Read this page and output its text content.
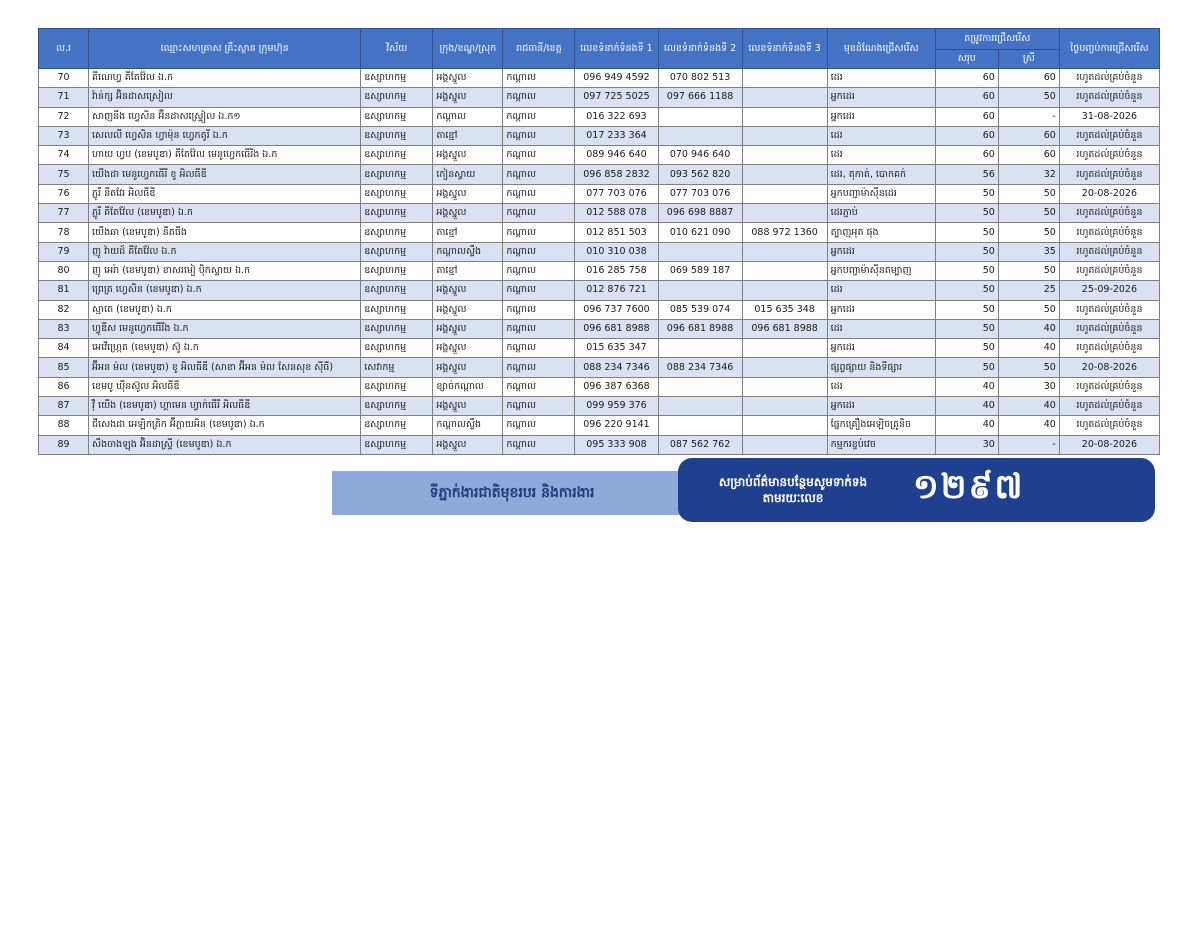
ល.រ	ឈ្មោះសហគ្រាស គ្រឹះស្ថាន ក្រុមហ៊ុន	វិស័យ	ក្រុង/ខណ្ឌ/ស្រុក	រាជធានី/ខេត្ត	លេខទំនាក់ទំនងទី 1	លេខទំនាក់ទំនងទី 2	លេខទំនាក់ទំនងទី 3	មុខដំណែងជ្រើសរើស	តម្រូវការជ្រើសរើស		ថ្ងៃបញ្ចប់ការជ្រើសរើស
									សរុប	ស្រី	
70	គីណេហ្វ គីតែវ៉ែល ឯ.ក	ឧស្សាហកម្ម	អង្គស្នួល	កណ្តាល	096 949 4592	070 802 513		ដេរ	60	60	រហូតដល់គ្រប់ចំនួន
71	វ៉ាន់ក្ស អ៊ិនដាសស្រៀល	ឧស្សាហកម្ម	អង្គស្នួល	កណ្តាល	097 725 5025	097 666 1188		អ្នកដេរ	60	50	រហូតដល់គ្រប់ចំនួន
72	សាញនីង ហ្វេសិន អ៊ីនដាសស្រ្ទៀល ឯ.ក១	ឧស្សាហកម្ម	កណ្តាល	កណ្តាល	016 322 693			អ្នកដេរ	60	-	31-08-2026
73	សេលលី ហ្វេសិន ហ្វាម៉ុន ហ្វេកតូរី ឯ.ក	ឧស្សាហកម្ម	តាខ្មៅ	កណ្តាល	017 233 364			ដេរ	60	60	រហូតដល់គ្រប់ចំនួន
74	ហាយ ហ្វប (ខេមបូឌា) គីតែវ៉ែល មេនូហ្វេកធើរីង ឯ.ក	ឧស្សាហកម្ម	អង្គស្នួល	កណ្តាល	089 946 640	070 946 640		ដេរ	60	60	រហូតដល់គ្រប់ចំនួន
75	យើងដា មេនូហ្វេកធើរី ខូ អិលធីឌី	ឧស្សាហកម្ម	កៀនស្វាយ	កណ្តាល	096 858 2832	093 562 820		ដេរ, តុកាត់, បោកគក់	56	32	រហូតដល់គ្រប់ចំនួន
76	ភ្លូរី នីតវែរ អិលធីឌី	ឧស្សាហកម្ម	អង្គស្នួល	កណ្តាល	077 703 076	077 703 076		អ្នកបញ្ជាម៉ាស៊ីនដេរ	50	50	20-08-2026
77	ភ្លូរី គីតែវ៉ែល (ខេមបូឌា) ឯ.ក	ឧស្សាហកម្ម	អង្គស្នួល	កណ្តាល	012 588 078	096 698 8887		ដេរភ្ជាប់	50	50	រហូតដល់គ្រប់ចំនួន
78	យើងឆា (ខេមបូឌា) នីតធីង	ឧស្សាហកម្ម	តាខ្មៅ	កណ្តាល	012 851 503	010 621 090	088 972 1360	ត្បាញអុត ផុង	50	50	រហូតដល់គ្រប់ចំនួន
79	ញូ វ៉ាយដ៍ គីតែវ៉ែល ឯ.ក	ឧស្សាហកម្ម	កណ្តាលស្ទឹង	កណ្តាល	010 310 038			អ្នកដេរ	50	35	រហូតដល់គ្រប់ចំនួន
80	ញូ អេរ៉ា (ខេមបូឌា) ខាសរមៀ ប៉ិកស្ទាយ ឯ.ក	ឧស្សាហកម្ម	តាខ្មៅ	កណ្តាល	016 285 758	069 589 187		អ្នកបញ្ជាម៉ាស៊ីនតម្បាញ	50	50	រហូតដល់គ្រប់ចំនួន
81	ព្រេត្រ ហ្វេសិន (ខេមបូឌា) ឯ.ក	ឧស្សាហកម្ម	អង្គស្នួល	កណ្តាល	012 876 721			ដេរ	50	25	25-09-2026
82	ស្មាតេ (ខេមបូឌា) ឯ.ក	ឧស្សាហកម្ម	អង្គស្នួល	កណ្តាល	096 737 7600	085 539 074	015 635 348	អ្នកដេរ	50	50	រហូតដល់គ្រប់ចំនួន
83	ហ្វូឌីស មេនូហ្វេកធើរីង ឯ.ក	ឧស្សាហកម្ម	អង្គស្នួល	កណ្តាល	096 681 8988	096 681 8988	096 681 8988	ដេរ	50	40	រហូតដល់គ្រប់ចំនួន
84	អេវើហ្ក្រេត (ខេមបូឌា) ស៊ូ ឯ.ក	ឧស្សាហកម្ម	អង្គស្នួល	កណ្តាល	015 635 347			អ្នកដេរ	50	40	រហូតដល់គ្រប់ចំនួន
85	អ៊ីអន ម៉ល (ខេមបូឌា) ខូ អិលធីឌី (សាខា អ៊ីអន ម៉ល សែនសុខ ស៊ីធី)	សេវាកម្ម	អង្គស្នួល	កណ្តាល	088 234 7346	088 234 7346		ផ្សព្វផ្សាយ និងទីផ្សារ	50	50	20-08-2026
86	ខេមបូ ឃុីនស៊ូល អិលធីឌី	ឧស្សាហកម្ម	ខ្សាច់កណ្តាល	កណ្តាល	096 387 6368			ដេរ	40	30	រហូតដល់គ្រប់ចំនួន
87	វ៉ឺ យើង (ខេមបូឌា) ហ្គាមេន ហ្វាក់ធើរី អិលធីឌី	ឧស្សាហកម្ម	អង្គស្នួល	កណ្តាល	099 959 376			អ្នកដេរ	40	40	រហូតដល់គ្រប់ចំនួន
88	ជីសេងដា អេឡិកត្រិក អ៊ីភ្លាយអិន (ខេមបូឌា) ឯ.ក	ឧស្សាហកម្ម	កណ្តាលស្ទឹង	កណ្តាល	096 220 9141			ផ្នែកគ្រឿងអេឡិចត្រូនិច	40	40	រហូតដល់គ្រប់ចំនួន
89	សឹងចាងឡុង អ៊ិនដាស្ទ្រី (ខេមបូឌា) ឯ.ក	ឧស្សាហកម្ម	អង្គស្នួល	កណ្តាល	095 333 908	087 562 762		កម្មករខ្ចប់វេច	30	-	20-08-2026
ទីភ្នាក់ងារជាតិមុខរបរ និងការងារ
សម្រាប់ព័ត៌មានបន្ថែមសូមទាក់ទងតាមរយៈលេខ	១២៩៧
